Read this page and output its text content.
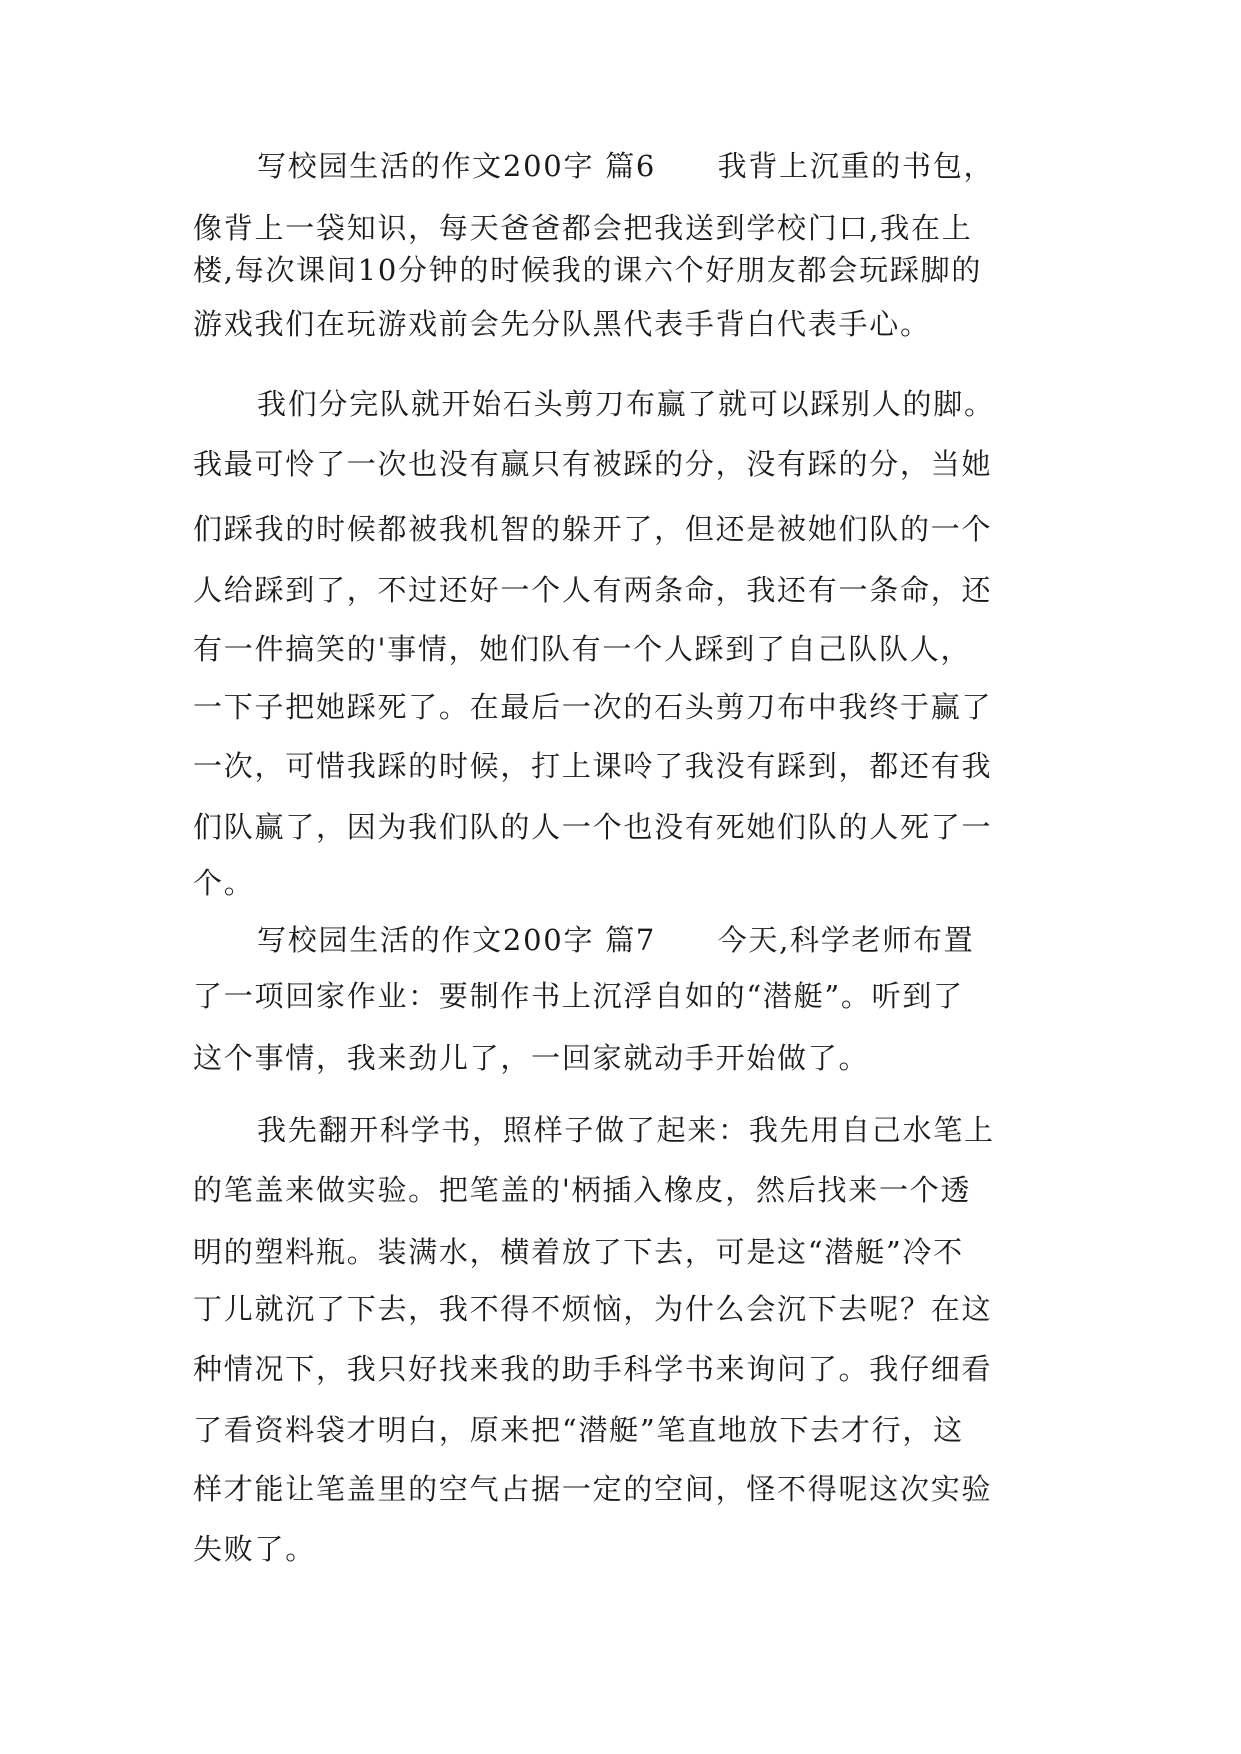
写校园生活的作文200字 篇6　　我背上沉重的书包，
像背上一袋知识，每天爸爸都会把我送到学校门口,我在上
楼,每次课间10分钟的时候我的课六个好朋友都会玩踩脚的
游戏我们在玩游戏前会先分队黑代表手背白代表手心。
我们分完队就开始石头剪刀布赢了就可以踩别人的脚。
我最可怜了一次也没有赢只有被踩的分，没有踩的分，当她
们踩我的时候都被我机智的躲开了，但还是被她们队的一个
人给踩到了，不过还好一个人有两条命，我还有一条命，还
有一件搞笑的'事情，她们队有一个人踩到了自己队队人，
一下子把她踩死了。在最后一次的石头剪刀布中我终于赢了
一次，可惜我踩的时候，打上课呤了我没有踩到，都还有我
们队赢了，因为我们队的人一个也没有死她们队的人死了一
个。
写校园生活的作文200字 篇7　　今天,科学老师布置
了一项回家作业：要制作书上沉浮自如的“潜艇”。听到了
这个事情，我来劲儿了，一回家就动手开始做了。
我先翻开科学书，照样子做了起来：我先用自己水笔上
的笔盖来做实验。把笔盖的'柄插入橡皮，然后找来一个透
明的塑料瓶。装满水，横着放了下去，可是这“潜艇”冷不
丁儿就沉了下去，我不得不烦恼，为什么会沉下去呢？在这
种情况下，我只好找来我的助手科学书来询问了。我仔细看
了看资料袋才明白，原来把“潜艇”笔直地放下去才行，这
样才能让笔盖里的空气占据一定的空间，怪不得呢这次实验
失败了。
